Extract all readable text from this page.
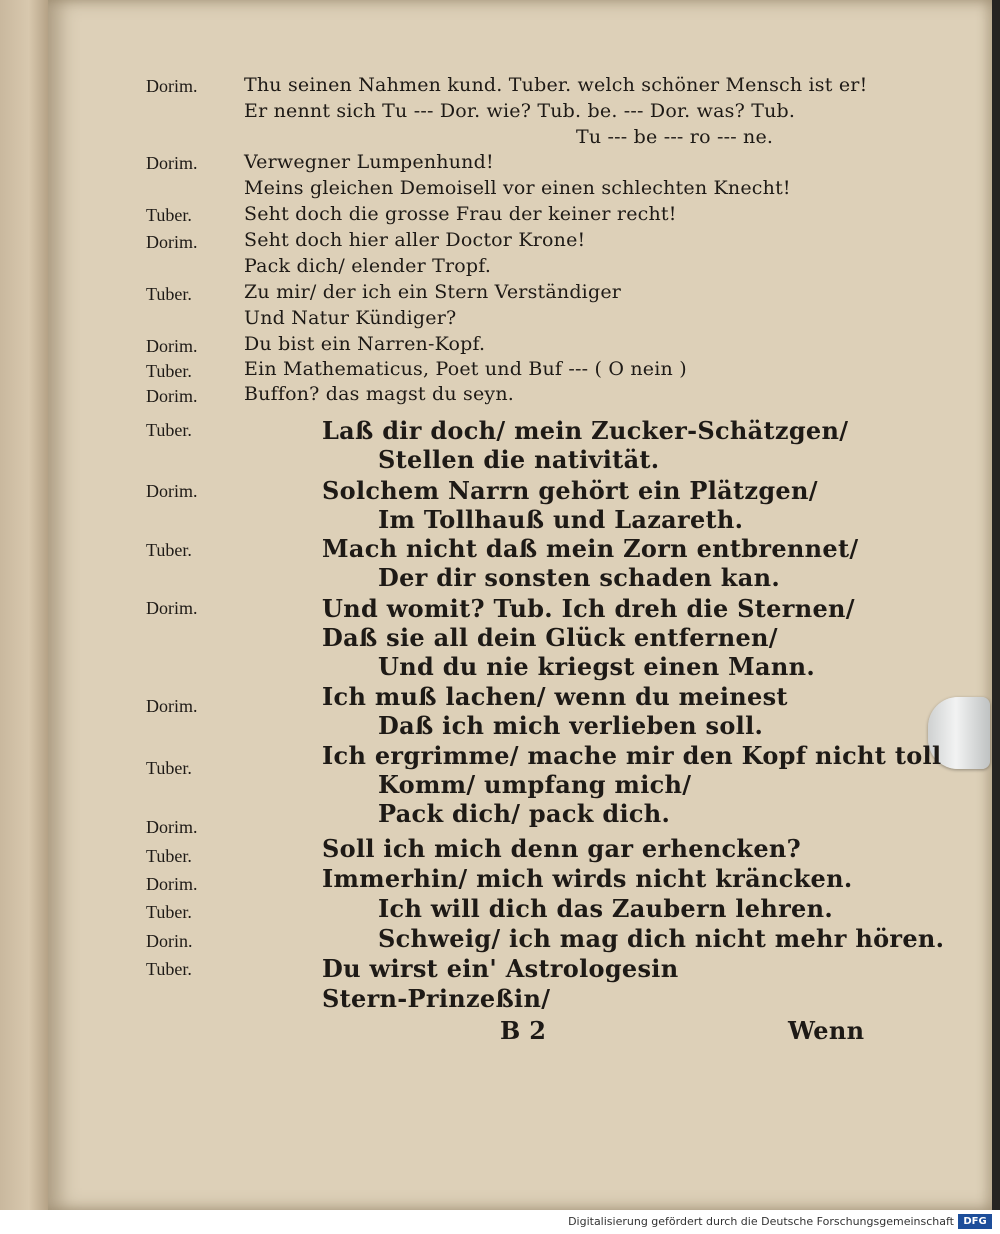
Dorim.
Dorim.
Tuber.
Dorim.
Tuber.
Dorim.
Tuber.
Dorim.
Tuber.
Dorim.
Tuber.
Dorim.
Dorim.
Tuber.
Dorim.
Tuber.
Dorim.
Tuber.
Dorin.
Tuber.
Thu seinen Nahmen kund. Tuber. welch schöner Mensch ist er!
Er nennt sich Tu --- Dor. wie? Tub. be. --- Dor. was? Tub.
Tu --- be --- ro --- ne.
Verwegner Lumpenhund!
Meins gleichen Demoisell vor einen schlechten Knecht!
Seht doch die grosse Frau der keiner recht!
Seht doch hier aller Doctor Krone!
Pack dich/ elender Tropf.
Zu mir/ der ich ein Stern Verständiger
Und Natur Kündiger?
Du bist ein Narren-Kopf.
Ein Mathematicus, Poet und Buf --- ( O nein )
Buffon? das magst du seyn.
Laß dir doch/ mein Zucker-Schätzgen/
Stellen die nativität.
Solchem Narrn gehört ein Plätzgen/
Im Tollhauß und Lazareth.
Mach nicht daß mein Zorn entbrennet/
Der dir sonsten schaden kan.
Und womit? Tub. Ich dreh die Sternen/
Daß sie all dein Glück entfernen/
Und du nie kriegst einen Mann.
Ich muß lachen/ wenn du meinest
Daß ich mich verlieben soll.
Ich ergrimme/ mache mir den Kopf nicht toll
Komm/ umpfang mich/
Pack dich/ pack dich.
Soll ich mich denn gar erhencken?
Immerhin/ mich wirds nicht kräncken.
Ich will dich das Zaubern lehren.
Schweig/ ich mag dich nicht mehr hören.
Du wirst ein' Astrologesin
Stern-Prinzeßin/
B 2	Wenn
Digitalisierung gefördert durch die Deutsche Forschungsgemeinschaft DFG
